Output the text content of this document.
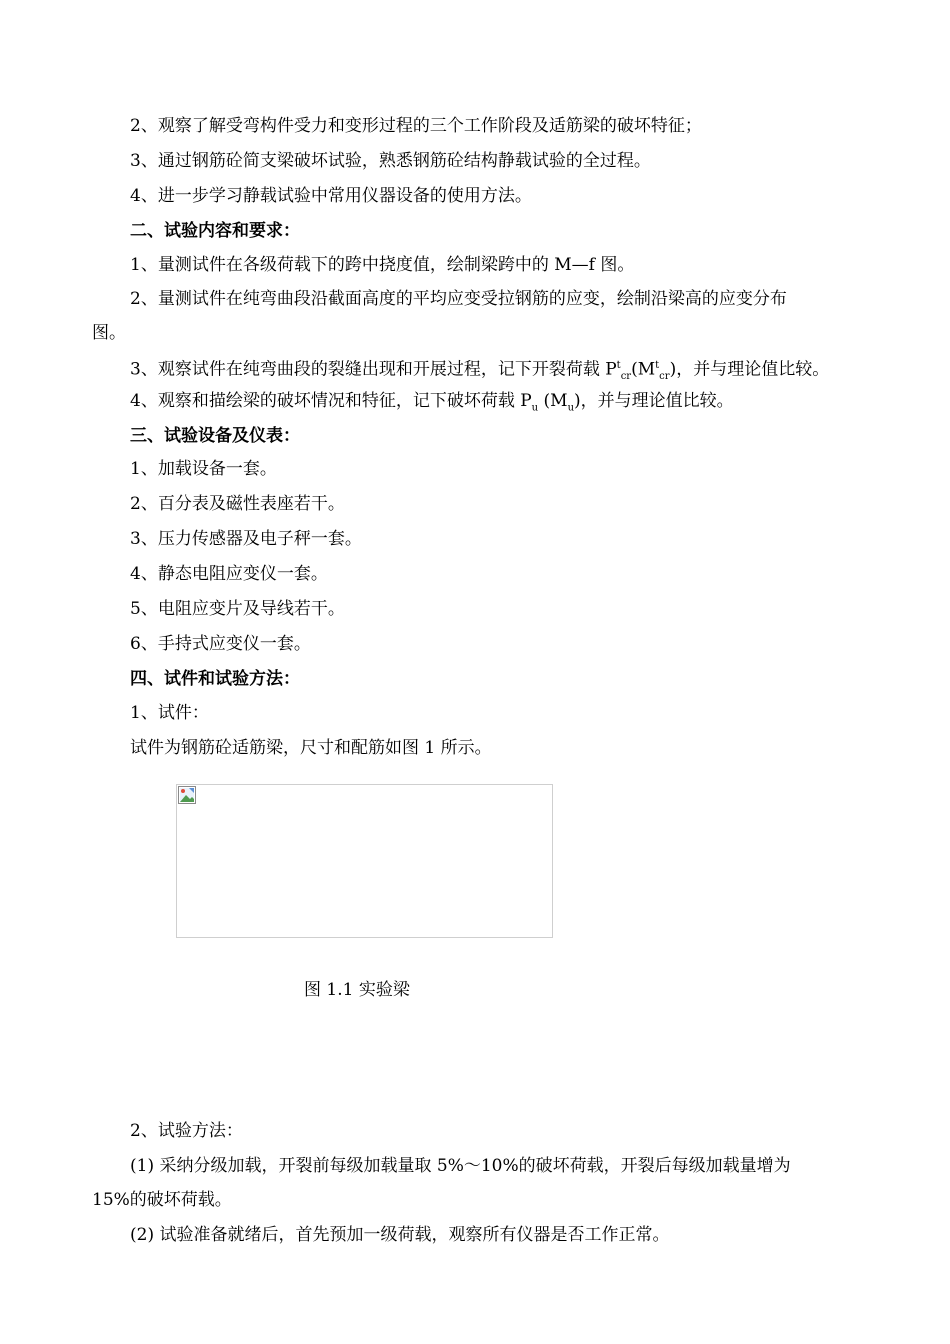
2、观察了解受弯构件受力和变形过程的三个工作阶段及适筋梁的破坏特征；
3、通过钢筋砼简支梁破坏试验，熟悉钢筋砼结构静载试验的全过程。
4、进一步学习静载试验中常用仪器设备的使用方法。
二、试验内容和要求：
1、量测试件在各级荷载下的跨中挠度值，绘制梁跨中的 M—f 图。
2、量测试件在纯弯曲段沿截面高度的平均应变受拉钢筋的应变，绘制沿梁高的应变分布
图。
3、观察试件在纯弯曲段的裂缝出现和开展过程，记下开裂荷载 $P^t_{cr}(M^t_{cr})$，并与理论值比较。
4、观察和描绘梁的破坏情况和特征，记下破坏荷载 $P_u$ $(M_u)$，并与理论值比较。
三、试验设备及仪表：
1、加载设备一套。
2、百分表及磁性表座若干。
3、压力传感器及电子秤一套。
4、静态电阻应变仪一套。
5、电阻应变片及导线若干。
6、手持式应变仪一套。
四、试件和试验方法：
1、试件：
试件为钢筋砼适筋梁，尺寸和配筋如图 1 所示。
图 1.1 实验梁
2、试验方法：
(1) 采纳分级加载，开裂前每级加载量取 5%～10%的破坏荷载，开裂后每级加载量增为
15%的破坏荷载。
(2) 试验准备就绪后，首先预加一级荷载，观察所有仪器是否工作正常。
